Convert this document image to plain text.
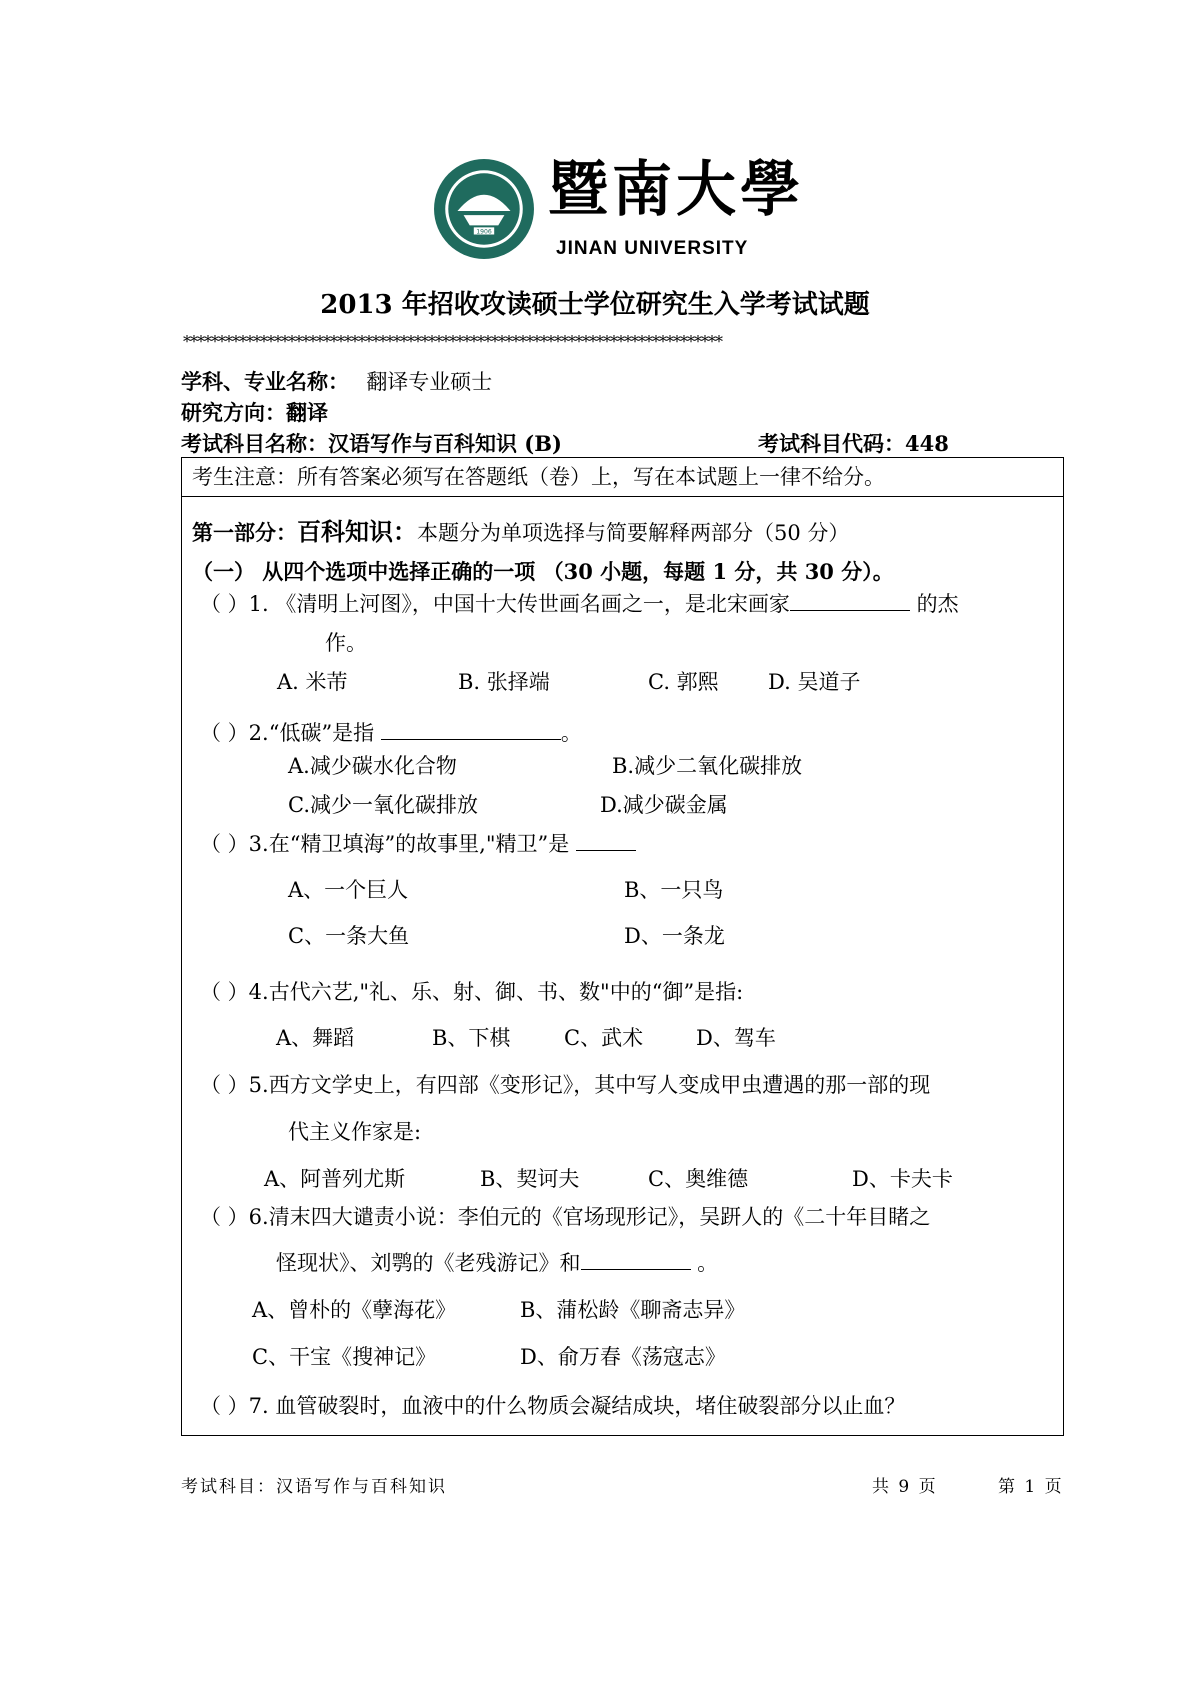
1906
暨南大學
JINAN UNIVERSITY
2013 年招收攻读硕士学位研究生入学考试试题
*****************************************************************************
学科、专业名称： 翻译专业硕士
研究方向：翻译
考试科目名称：汉语写作与百科知识 (B)	考试科目代码：448
考生注意：所有答案必须写在答题纸（卷）上，写在本试题上一律不给分。
第一部分：百科知识：本题分为单项选择与简要解释两部分（50 分）
（一） 从四个选项中选择正确的一项 （30 小题，每题 1 分，共 30 分）。
（ ）1. 《清明上河图》，中国十大传世画名画之一，是北宋画家	的杰
作。
A. 米芾	B. 张择端	C. 郭熙 D. 吴道子
（ ）2.“低碳”是指	。
A.减少碳水化合物	B.减少二氧化碳排放
C.减少一氧化碳排放	D.减少碳金属
（ ）3.在“精卫填海”的故事里,"精卫”是
A、一个巨人	B、一只鸟
C、一条大鱼	D、一条龙
（ ）4.古代六艺,"礼、乐、射、御、书、数"中的“御”是指:
A、舞蹈	B、下棋	C、武术	D、驾车
（ ）5.西方文学史上，有四部《变形记》，其中写人变成甲虫遭遇的那一部的现
代主义作家是:
A、阿普列尤斯	B、契诃夫	C、奥维德	D、卡夫卡
（ ）6.清末四大谴责小说：李伯元的《官场现形记》，吴趼人的《二十年目睹之
怪现状》、刘鹗的《老残游记》和	。
A、曾朴的《孽海花》	B、蒲松龄《聊斋志异》
C、干宝《搜神记》	D、俞万春《荡寇志》
（ ）7. 血管破裂时，血液中的什么物质会凝结成块，堵住破裂部分以止血？
考试科目：汉语写作与百科知识	共 9 页	第 1 页
